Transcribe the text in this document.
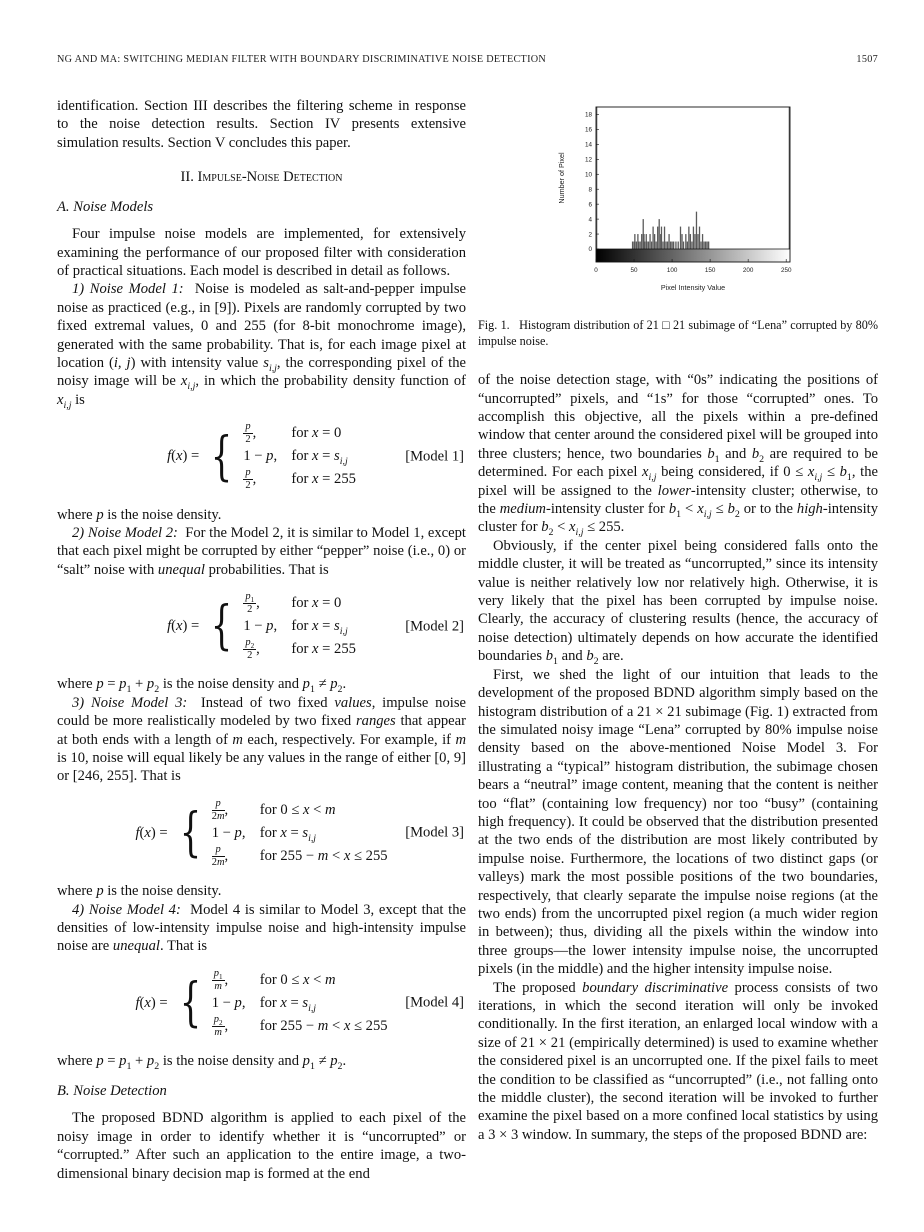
NG AND MA: SWITCHING MEDIAN FILTER WITH BOUNDARY DISCRIMINATIVE NOISE DETECTION	1507

identification. Section III describes the filtering scheme in response to the noise detection results. Section IV presents extensive simulation results. Section V concludes this paper.

II. Impulse-Noise Detection
A. Noise Models

Four impulse noise models are implemented, for extensively examining the performance of our proposed filter with consideration of practical situations. Each model is described in detail as follows.

1) Noise Model 1:  Noise is modeled as salt-and-pepper impulse noise as practiced (e.g., in [9]). Pixels are randomly corrupted by two fixed extremal values, 0 and 255 (for 8-bit monochrome image), generated with the same probability. That is, for each image pixel at location (i, j) with intensity value $s_{i,j}$, the corresponding pixel of the noisy image will be $x_{i,j}$, in which the probability density function of $x_{i,j}$ is

f(x) = { $\frac{p}{2}$ ,	for x = 0
1 − p,	for $x = s_{i,j}$

$\frac{p}{2}$ ,	for x = 255
[Model 1]

where p is the noise density.

2) Noise Model 2:  For the Model 2, it is similar to Model 1, except that each pixel might be corrupted by either “pepper” noise (i.e., 0) or “salt” noise with unequal probabilities. That is

f(x) = { $\frac{p_1}{2}$ ,	for x = 0
1 − p,	for $x = s_{i,j}$

$\frac{p_2}{2}$ ,	for x = 255
[Model 2]

where $p = p_1 + p_2$ is the noise density and $p_1 \ne p_2$.

3) Noise Model 3:  Instead of two fixed values, impulse noise could be more realistically modeled by two fixed ranges that appear at both ends with a length of m each, respectively. For example, if m is 10, noise will equal likely be any values in the range of either [0, 9] or [246, 255]. That is

f(x) = { $\frac{p}{2m}$ ,	for 0 ≤ x < m
1 − p,	for $x = s_{i,j}$

$\frac{p}{2m}$ ,	for 255 − m < x ≤ 255
[Model 3]

where p is the noise density.

4) Noise Model 4:  Model 4 is similar to Model 3, except that the densities of low-intensity impulse noise and high-intensity impulse noise are unequal. That is

f(x) = { $\frac{p_1}{m}$ ,	for 0 ≤ x < m
1 − p,	for $x = s_{i,j}$

$\frac{p_2}{m}$ ,	for 255 − m < x ≤ 255
[Model 4]

where $p = p_1 + p_2$ is the noise density and $p_1 \ne p_2$.

B. Noise Detection

The proposed BDND algorithm is applied to each pixel of the noisy image in order to identify whether it is “uncorrupted” or “corrupted.” After such an application to the entire image, a two-dimensional binary decision map is formed at the end

0
2
4
6
8
10
12
14
16
18
0	50	100	150	200	250
Number of Pixel
Pixel Intensity Value

Fig. 1.  Histogram distribution of 21 □ 21 subimage of “Lena” corrupted by 80% impulse noise.

of the noise detection stage, with “0s” indicating the positions of “uncorrupted” pixels, and “1s” for those “corrupted” ones. To accomplish this objective, all the pixels within a pre-defined window that center around the considered pixel will be grouped into three clusters; hence, two boundaries $b_1$ and $b_2$ are required to be determined. For each pixel $x_{i,j}$ being considered, if $0 \le x_{i,j} \le b_1$, the pixel will be assigned to the lower-intensity cluster; otherwise, to the medium-intensity cluster for $b_1 < x_{i,j} \le b_2$ or to the high-intensity cluster for $b_2 < x_{i,j} \le 255$.

Obviously, if the center pixel being considered falls onto the middle cluster, it will be treated as “uncorrupted,” since its intensity value is neither relatively low nor relatively high. Otherwise, it is very likely that the pixel has been corrupted by impulse noise. Clearly, the accuracy of clustering results (hence, the accuracy of noise detection) ultimately depends on how accurate the identified boundaries $b_1$ and $b_2$ are.

First, we shed the light of our intuition that leads to the development of the proposed BDND algorithm simply based on the histogram distribution of a 21 × 21 subimage (Fig. 1) extracted from the simulated noisy image “Lena” corrupted by 80% impulse noise density based on the above-mentioned Noise Model 3. For illustrating a “typical” histogram distribution, the subimage chosen bears a “neutral” image content, meaning that the content is neither too “flat” (containing low frequency) nor too “busy” (containing high frequency). It could be observed that the distribution presented at the two ends of the distribution are most likely contributed by impulse noise. Furthermore, the locations of two distinct gaps (or valleys) mark the most possible positions of the two boundaries, respectively, that clearly separate the impulse noise regions (at the two ends) from the uncorrupted pixel region (a much wider region in between); thus, dividing all the pixels within the window into three groups—the lower intensity impulse noise, the uncorrupted pixels (in the middle) and the higher intensity impulse noise.

The proposed boundary discriminative process consists of two iterations, in which the second iteration will only be invoked conditionally. In the first iteration, an enlarged local window with a size of 21 × 21 (empirically determined) is used to examine whether the considered pixel is an uncorrupted one. If the pixel fails to meet the condition to be classified as “uncorrupted” (i.e., not falling onto the middle cluster), the second iteration will be invoked to further examine the pixel based on a more confined local statistics by using a 3 × 3 window. In summary, the steps of the proposed BDND are:
